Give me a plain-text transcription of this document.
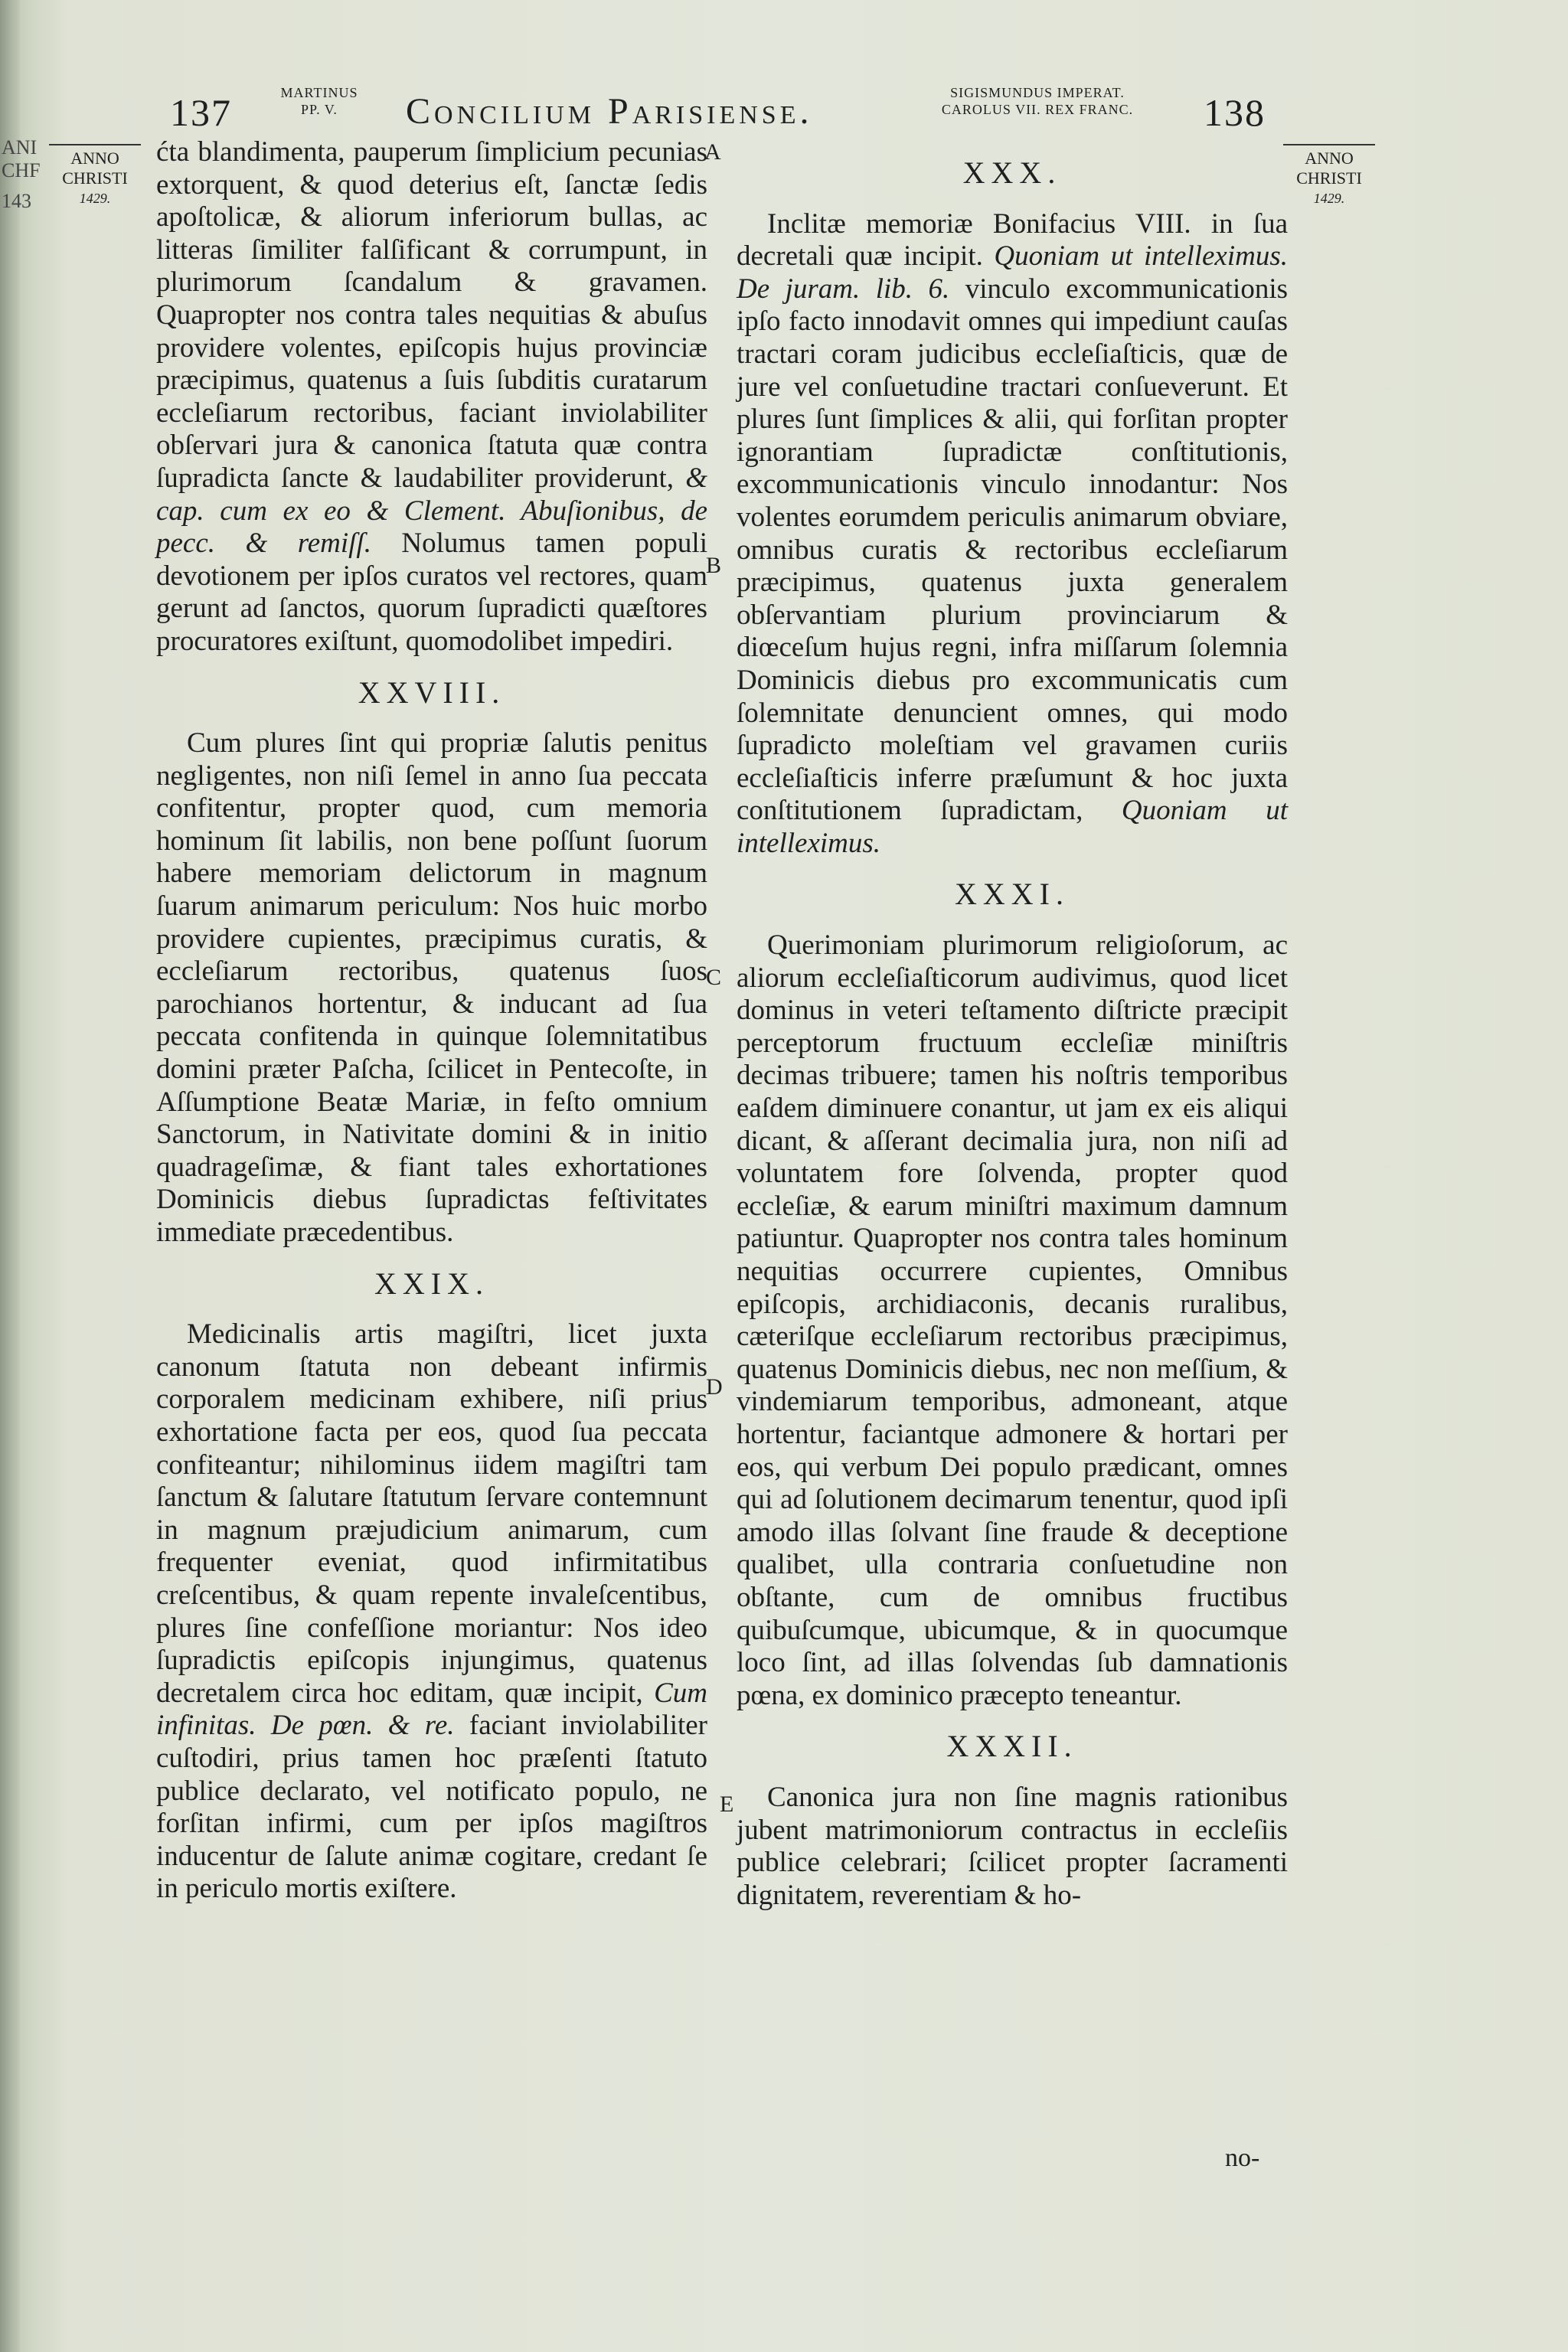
ANI
CHF
143
137	MARTINUS
PP. V.	Concilium Parisiense.	SIGISMUNDUS IMPERAT.
CAROLUS VII. REX FRANC.	138
ANNO
CHRISTI
1429.
ANNO
CHRISTI
1429.
A
B
C
D
E

ćta blandimenta, pauperum ſimplicium pecunias extorquent, & quod deterius eſt, ſanctæ ſedis apoſtolicæ, & aliorum inferiorum bullas, ac litteras ſimiliter falſificant & corrumpunt, in plurimorum ſcandalum & gravamen. Quapropter nos contra tales nequitias & abuſus providere volentes, epiſcopis hujus provinciæ præcipimus, quatenus a ſuis ſubditis curatarum eccleſiarum rectoribus, faciant inviolabiliter obſervari jura & canonica ſtatuta quæ contra ſupradicta ſancte & laudabiliter providerunt, & cap. cum ex eo & Clement. Abuſionibus, de pecc. & remiſſ. Nolumus tamen populi devotionem per ipſos curatos vel rectores, quam gerunt ad ſanctos, quorum ſupradicti quæſtores procuratores exiſtunt, quomodolibet impediri.

XXVIII.

Cum plures ſint qui propriæ ſalutis penitus negligentes, non niſi ſemel in anno ſua peccata confitentur, propter quod, cum memoria hominum ſit labilis, non bene poſſunt ſuorum habere memoriam delictorum in magnum ſuarum animarum periculum: Nos huic morbo providere cupientes, præcipimus curatis, & eccleſiarum rectoribus, quatenus ſuos parochianos hortentur, & inducant ad ſua peccata confitenda in quinque ſolemnitatibus domini præter Paſcha, ſcilicet in Pentecoſte, in Aſſumptione Beatæ Mariæ, in feſto omnium Sanctorum, in Nativitate domini & in initio quadrageſimæ, & fiant tales exhortationes Dominicis diebus ſupradictas feſtivitates immediate præcedentibus.

XXIX.

Medicinalis artis magiſtri, licet juxta canonum ſtatuta non debeant infirmis corporalem medicinam exhibere, niſi prius exhortatione facta per eos, quod ſua peccata confiteantur; nihilominus iidem magiſtri tam ſanctum & ſalutare ſtatutum ſervare contemnunt in magnum præjudicium animarum, cum frequenter eveniat, quod infirmitatibus creſcentibus, & quam repente invaleſcentibus, plures ſine confeſſione moriantur: Nos ideo ſupradictis epiſcopis injungimus, quatenus decretalem circa hoc editam, quæ incipit, Cum infinitas. De pœn. & re. faciant inviolabiliter cuſtodiri, prius tamen hoc præſenti ſtatuto publice declarato, vel notificato populo, ne forſitan infirmi, cum per ipſos magiſtros inducentur de ſalute animæ cogitare, credant ſe in periculo mortis exiſtere.

XXX.

Inclitæ memoriæ Bonifacius VIII. in ſua decretali quæ incipit. Quoniam ut intelleximus. De juram. lib. 6. vinculo excommunicationis ipſo facto innodavit omnes qui impediunt cauſas tractari coram judicibus eccleſiaſticis, quæ de jure vel conſuetudine tractari conſueverunt. Et plures ſunt ſimplices & alii, qui forſitan propter ignorantiam ſupradictæ conſtitutionis, excommunicationis vinculo innodantur: Nos volentes eorumdem periculis animarum obviare, omnibus curatis & rectoribus eccleſiarum præcipimus, quatenus juxta generalem obſervantiam plurium provinciarum & diœceſum hujus regni, infra miſſarum ſolemnia Dominicis diebus pro excommunicatis cum ſolemnitate denuncient omnes, qui modo ſupradicto moleſtiam vel gravamen curiis eccleſiaſticis inferre præſumunt & hoc juxta conſtitutionem ſupradictam, Quoniam ut intelleximus.

XXXI.

Querimoniam plurimorum religioſorum, ac aliorum eccleſiaſticorum audivimus, quod licet dominus in veteri teſtamento diſtricte præcipit perceptorum fructuum eccleſiæ miniſtris decimas tribuere; tamen his noſtris temporibus eaſdem diminuere conantur, ut jam ex eis aliqui dicant, & aſſerant decimalia jura, non niſi ad voluntatem fore ſolvenda, propter quod eccleſiæ, & earum miniſtri maximum damnum patiuntur. Quapropter nos contra tales hominum nequitias occurrere cupientes, Omnibus epiſcopis, archidiaconis, decanis ruralibus, cæteriſque eccleſiarum rectoribus præcipimus, quatenus Dominicis diebus, nec non meſſium, & vindemiarum temporibus, admoneant, atque hortentur, faciantque admonere & hortari per eos, qui verbum Dei populo prædicant, omnes qui ad ſolutionem decimarum tenentur, quod ipſi amodo illas ſolvant ſine fraude & deceptione qualibet, ulla contraria conſuetudine non obſtante, cum de omnibus fructibus quibuſcumque, ubicumque, & in quocumque loco ſint, ad illas ſolvendas ſub damnationis pœna, ex dominico præcepto teneantur.

XXXII.

Canonica jura non ſine magnis rationibus jubent matrimoniorum contractus in eccleſiis publice celebrari; ſcilicet propter ſacramenti dignitatem, reverentiam & ho-

no-
